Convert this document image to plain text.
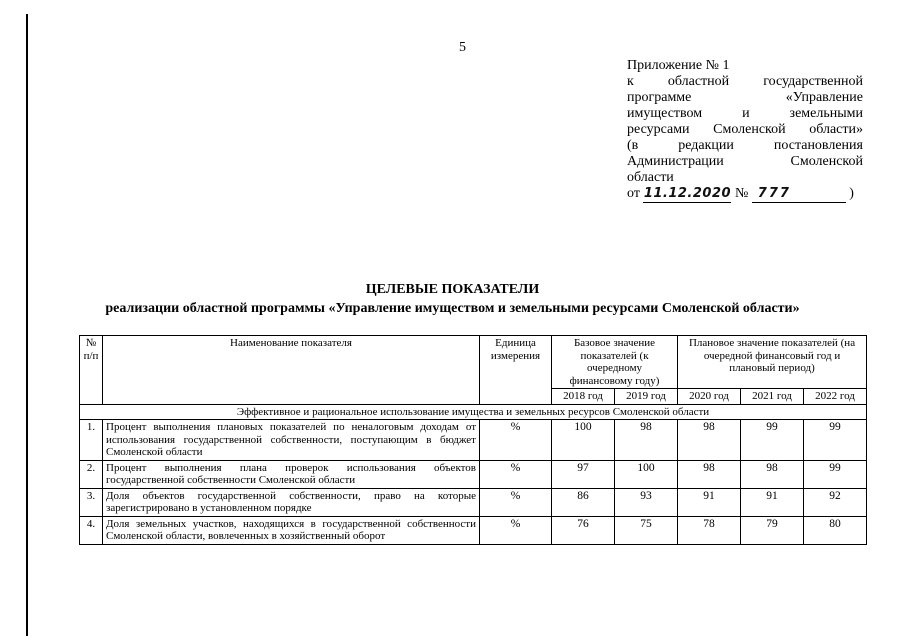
5
Приложение № 1
к областной государственной
программе «Управление
имуществом и земельными
ресурсами Смоленской области»
(в редакции постановления
Администрации Смоленской
области
от 11.12.2020 № 777	)
ЦЕЛЕВЫЕ ПОКАЗАТЕЛИ
реализации областной программы «Управление имуществом и земельными ресурсами Смоленской области»
№ п/п	Наименование показателя	Единица измерения	Базовое значение показателей (к очередному финансовому году)		Плановое значение показателей (на очередной финансовый год и плановый период)		
			2018 год	2019 год	2020 год	2021 год	2022 год
Эффективное и рациональное использование имущества и земельных ресурсов Смоленской области							
1.	Процент выполнения плановых показателей по неналоговым доходам от использования государственной собственности, поступающим в бюджет Смоленской области	%	100	98	98	99	99
2.	Процент выполнения плана проверок использования объектов государственной собственности Смоленской области	%	97	100	98	98	99
3.	Доля объектов государственной собственности, право на которые зарегистрировано в установленном порядке	%	86	93	91	91	92
4.	Доля земельных участков, находящихся в государственной собственности Смоленской области, вовлеченных в хозяйственный оборот	%	76	75	78	79	80
